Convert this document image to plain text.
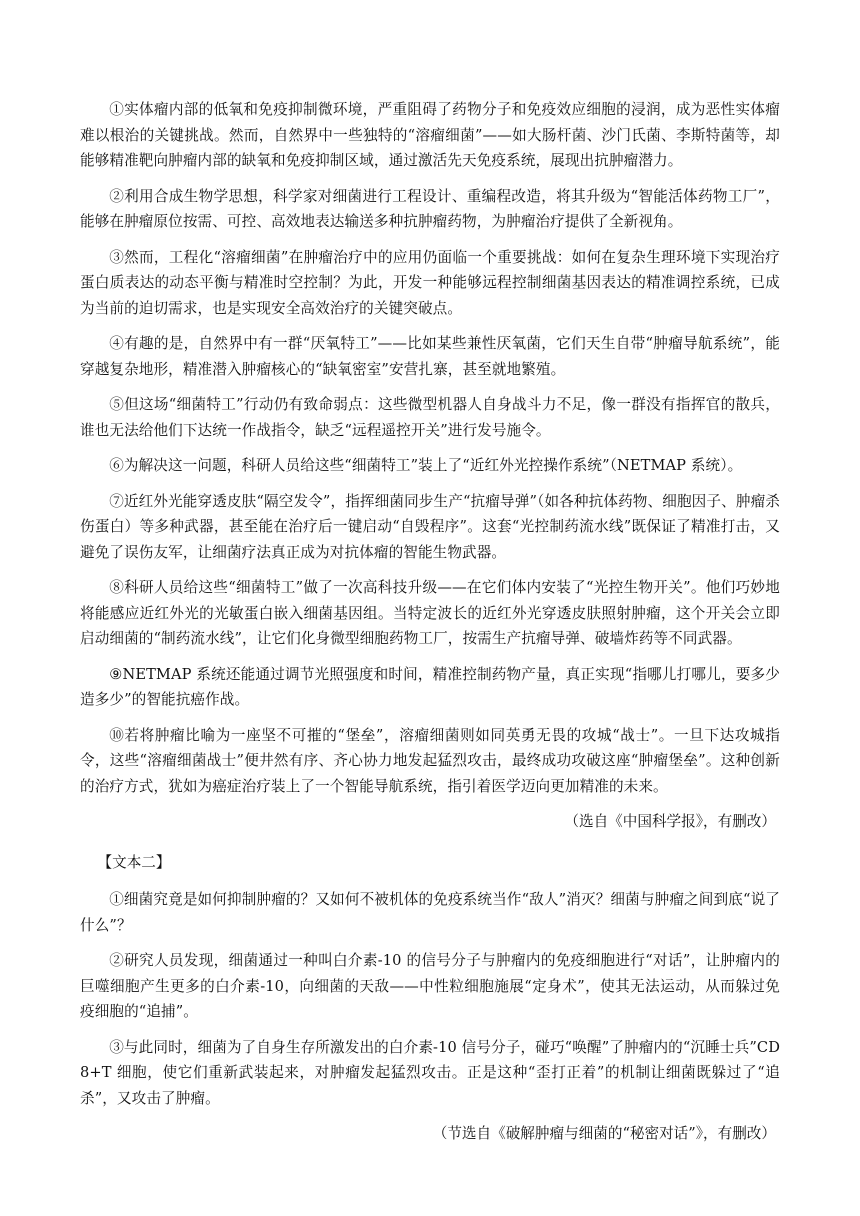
①实体瘤内部的低氧和免疫抑制微环境，严重阻碍了药物分子和免疫效应细胞的浸润，成为恶性实体瘤难以根治的关键挑战。然而，自然界中一些独特的“溶瘤细菌”——如大肠杆菌、沙门氏菌、李斯特菌等，却能够精准靶向肿瘤内部的缺氧和免疫抑制区域，通过激活先天免疫系统，展现出抗肿瘤潜力。

②利用合成生物学思想，科学家对细菌进行工程设计、重编程改造，将其升级为“智能活体药物工厂”，能够在肿瘤原位按需、可控、高效地表达输送多种抗肿瘤药物，为肿瘤治疗提供了全新视角。

③然而，工程化“溶瘤细菌”在肿瘤治疗中的应用仍面临一个重要挑战：如何在复杂生理环境下实现治疗蛋白质表达的动态平衡与精准时空控制？为此，开发一种能够远程控制细菌基因表达的精准调控系统，已成为当前的迫切需求，也是实现安全高效治疗的关键突破点。

④有趣的是，自然界中有一群“厌氧特工”——比如某些兼性厌氧菌，它们天生自带“肿瘤导航系统”，能穿越复杂地形，精准潜入肿瘤核心的“缺氧密室”安营扎寨，甚至就地繁殖。

⑤但这场“细菌特工”行动仍有致命弱点：这些微型机器人自身战斗力不足，像一群没有指挥官的散兵，谁也无法给他们下达统一作战指令，缺乏“远程遥控开关”进行发号施令。

⑥为解决这一问题，科研人员给这些“细菌特工”装上了“近红外光控操作系统”（NETMAP 系统）。

⑦近红外光能穿透皮肤“隔空发令”，指挥细菌同步生产“抗瘤导弹”（如各种抗体药物、细胞因子、肿瘤杀伤蛋白）等多种武器，甚至能在治疗后一键启动“自毁程序”。这套“光控制药流水线”既保证了精准打击，又避免了误伤友军，让细菌疗法真正成为对抗体瘤的智能生物武器。

⑧科研人员给这些“细菌特工”做了一次高科技升级——在它们体内安装了“光控生物开关”。他们巧妙地将能感应近红外光的光敏蛋白嵌入细菌基因组。当特定波长的近红外光穿透皮肤照射肿瘤，这个开关会立即启动细菌的“制药流水线”，让它们化身微型细胞药物工厂，按需生产抗瘤导弹、破墙炸药等不同武器。

⑨NETMAP 系统还能通过调节光照强度和时间，精准控制药物产量，真正实现“指哪儿打哪儿，要多少造多少”的智能抗癌作战。

⑩若将肿瘤比喻为一座坚不可摧的“堡垒”，溶瘤细菌则如同英勇无畏的攻城“战士”。一旦下达攻城指令，这些“溶瘤细菌战士”便井然有序、齐心协力地发起猛烈攻击，最终成功攻破这座“肿瘤堡垒”。这种创新的治疗方式，犹如为癌症治疗装上了一个智能导航系统，指引着医学迈向更加精准的未来。

（选自《中国科学报》，有删改）
【文本二】

①细菌究竟是如何抑制肿瘤的？又如何不被机体的免疫系统当作“敌人”消灭？细菌与肿瘤之间到底“说了什么”？

②研究人员发现，细菌通过一种叫白介素-10 的信号分子与肿瘤内的免疫细胞进行“对话”，让肿瘤内的巨噬细胞产生更多的白介素-10，向细菌的天敌——中性粒细胞施展“定身术”，使其无法运动，从而躲过免疫细胞的“追捕”。

③与此同时，细菌为了自身生存所激发出的白介素-10 信号分子，碰巧“唤醒”了肿瘤内的“沉睡士兵”CD8+T 细胞，使它们重新武装起来，对肿瘤发起猛烈攻击。正是这种“歪打正着”的机制让细菌既躲过了“追杀”，又攻击了肿瘤。

（节选自《破解肿瘤与细菌的“秘密对话”》，有删改）
